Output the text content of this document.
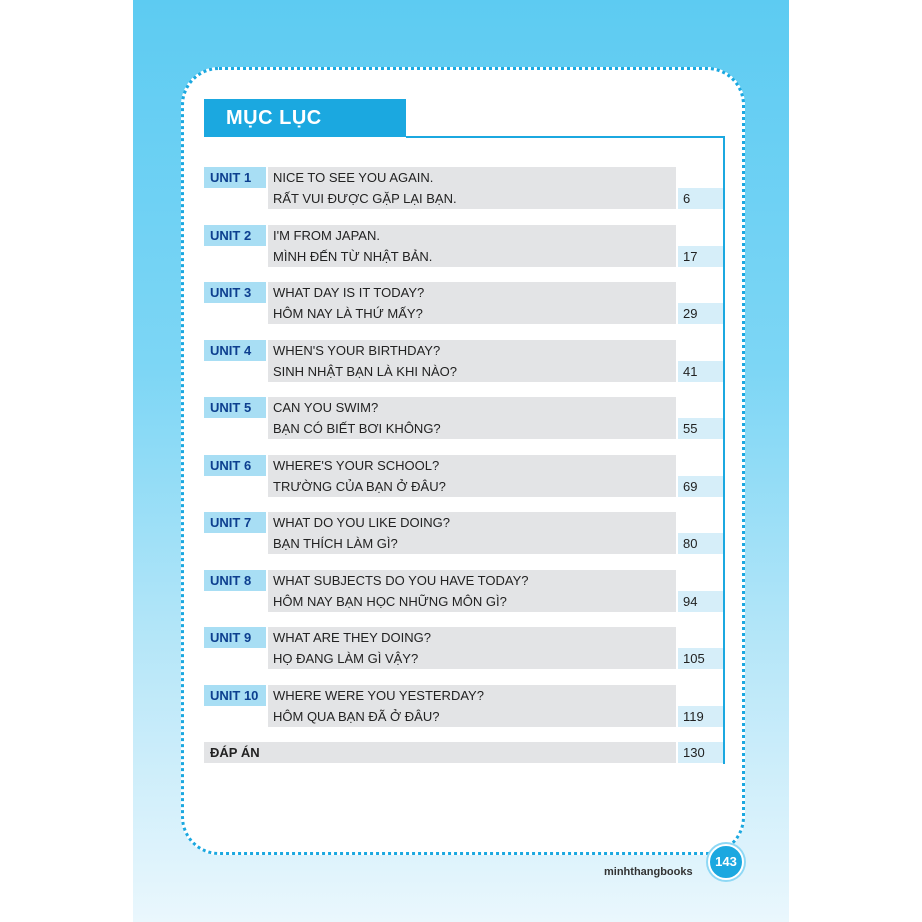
MỤC LỤC
UNIT 1	NICE TO SEE YOU AGAIN.
RẤT VUI ĐƯỢC GẶP LẠI BẠN.	6
UNIT 2	I'M FROM JAPAN.
MÌNH ĐẾN TỪ NHẬT BẢN.	17
UNIT 3	WHAT DAY IS IT TODAY?
HÔM NAY LÀ THỨ MẤY?	29
UNIT 4	WHEN'S YOUR BIRTHDAY?
SINH NHẬT BẠN LÀ KHI NÀO?	41
UNIT 5	CAN YOU SWIM?
BẠN CÓ BIẾT BƠI KHÔNG?	55
UNIT 6	WHERE'S YOUR SCHOOL?
TRƯỜNG CỦA BẠN Ở ĐÂU?	69
UNIT 7	WHAT DO YOU LIKE DOING?
BẠN THÍCH LÀM GÌ?	80
UNIT 8	WHAT SUBJECTS DO YOU HAVE TODAY?
HÔM NAY BẠN HỌC NHỮNG MÔN GÌ?	94
UNIT 9	WHAT ARE THEY DOING?
HỌ ĐANG LÀM GÌ VẬY?	105
UNIT 10	WHERE WERE YOU YESTERDAY?
HÔM QUA BẠN ĐÃ Ở ĐÂU?	119
ĐÁP ÁN	130
minhthangbooks
143
